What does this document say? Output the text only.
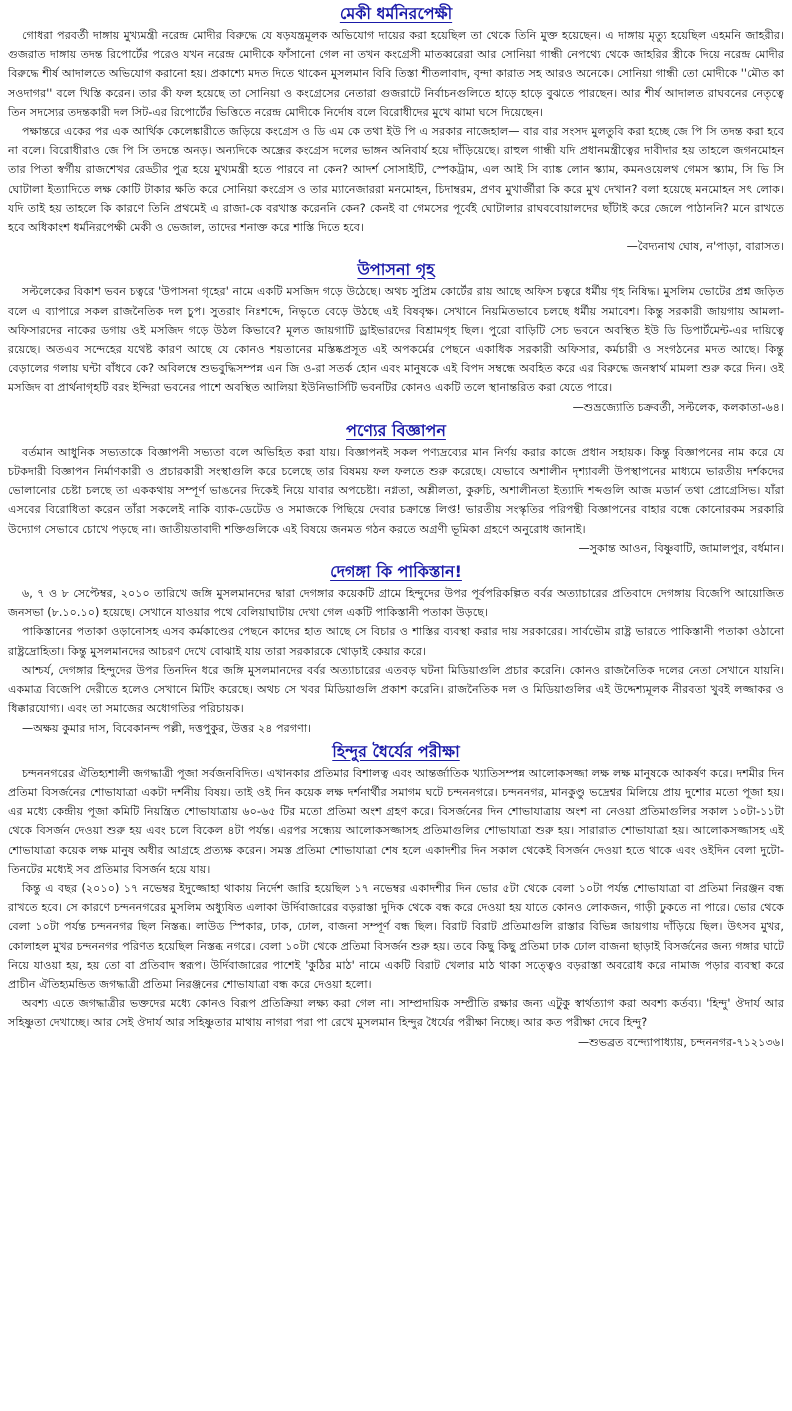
মেকী ধর্মনিরপেক্ষী

গোধরা পরবর্তী দাঙ্গায় মুখ্যমন্ত্রী নরেন্দ্র মোদীর বিরুদ্ধে যে ষড়যন্ত্রমূলক অভিযোগ দায়ের করা হয়েছিল তা থেকে তিনি মুক্ত হয়েছেন। এ দাঙ্গায় মৃত্যু হয়েছিল এহমনি জাহরীর। গুজরাত দাঙ্গায় তদন্ত রিপোর্টের পরেও যখন নরেন্দ্র মোদীকে ফাঁসানো গেল না তখন কংগ্রেসী মাতব্বরেরা আর সোনিয়া গান্ধী নেপথ্যে থেকে জাহরির স্ত্রীকে দিয়ে নরেন্দ্র মোদীর বিরুদ্ধে শীর্ষ আদালতে অভিযোগ করানো হয়। প্রকাশ্যে মদত দিতে থাকেন মুসলমান বিবি তিস্তা শীতলাবাদ, বৃন্দা কারাত সহ আরও অনেকে। সোনিয়া গান্ধী তো মোদীকে ''মৌত কা সওদাগর'' বলে খিস্তি করেন। তার কী ফল হয়েছে তা সোনিয়া ও কংগ্রেসের নেতারা গুজরাটে নির্বাচনগুলিতে হাড়ে হাড়ে বুঝতে পারছেন। আর শীর্ষ আদালত রাঘবনের নেতৃত্বে তিন সদস্যের তদন্তকারী দল সিট-এর রিপোর্টের ভিত্তিতে নরেন্দ্র মোদীকে নির্দোষ বলে বিরোধীদের মুখে ঝামা ঘসে দিয়েছেন।

পক্ষান্তরে একের পর এক আর্থিক কেলেঙ্কারীতে জড়িয়ে কংগ্রেস ও ডি এম কে তথা ইউ পি এ সরকার নাজেহাল— বার বার সংসদ মুলতুবি করা হচ্ছে জে পি সি তদন্ত করা হবে না বলে। বিরোধীরাও জে পি সি তদন্তে অনড়। অন্যদিকে অন্ধ্রের কংগ্রেস দলের ভাঙ্গন অনিবার্য হয়ে দাঁড়িয়েছে। রাহুল গান্ধী যদি প্রধানমন্ত্রীত্বের দাবীদার হয় তাহলে জগনমোহন তার পিতা স্বর্গীয় রাজশেখর রেড্ডীর পুত্র হয়ে মুখ্যমন্ত্রী হতে পারবে না কেন? আদর্শ সোসাইটি, স্পেকট্রাম, এল আই সি ব্যাঙ্ক লোন স্ক্যাম, কমনওয়েলথ গেমস স্ক্যাম, সি ভি সি ঘোটালা ইত্যাদিতে লক্ষ কোটি টাকার ক্ষতি করে সোনিয়া কংগ্রেস ও তার ম্যানেজাররা মনমোহন, চিদাম্বরম, প্রণব মুখার্জীরা কি করে মুখ দেখান? বলা হয়েছে মনমোহন সৎ লোক। যদি তাই হয় তাহলে কি কারণে তিনি প্রথমেই এ রাজা-কে বরখাস্ত করেননি কেন? কেনই বা গেমসের পূর্বেই ঘোটালার রাঘববোয়ালদের ছাঁটাই করে জেলে পাঠাননি? মনে রাখতে হবে অধিকাংশ ধর্মনিরপেক্ষী মেকী ও ভেজাল, তাদের শনাক্ত করে শাস্তি দিতে হবে।

—বৈদ্যনাথ ঘোষ, ন'পাড়া, বারাসত।

উপাসনা গৃহ

সল্টলেকের বিকাশ ভবন চত্বরে 'উপাসনা গৃহের' নামে একটি মসজিদ গড়ে উঠেছে। অথচ সুপ্রিম কোর্টের রায় আছে অফিস চত্বরে ধর্মীয় গৃহ নিষিদ্ধ। মুসলিম ভোটের প্রশ্ন জড়িত বলে এ ব্যাপারে সকল রাজনৈতিক দল চুপ। সুতরাং নিঃশব্দে, নিভৃতে বেড়ে উঠছে এই বিষবৃক্ষ। সেখানে নিয়মিতভাবে চলছে ধর্মীয় সমাবেশ। কিন্তু সরকারী জায়গায় আমলা-অফিসারদের নাকের ডগায় ওই মসজিদ গড়ে উঠল কিভাবে? মূলত জায়গাটি ড্রাইভারদের বিশ্রামগৃহ ছিল। পুরো বাড়িটি সেচ ভবনে অবস্থিত ইউ ডি ডিপার্টমেন্ট-এর দায়িত্বে রয়েছে। অতএব সন্দেহের যথেষ্ট কারণ আছে যে কোনও শয়তানের মস্তিষ্কপ্রসূত এই অপকর্মের পেছনে একাধিক সরকারী অফিসার, কর্মচারী ও সংগঠনের মদত আছে। কিন্তু বেড়ালের গলায় ঘন্টা বাঁধবে কে? অবিলম্বে শুভবুদ্ধিসম্পন্ন এন জি ও-রা সতর্ক হোন এবং মানুষকে এই বিপদ সম্বন্ধে অবহিত করে এর বিরুদ্ধে জনস্বার্থ মামলা শুরু করে দিন। ওই মসজিদ বা প্রার্থনাগৃহটি বরং ইন্দিরা ভবনের পাশে অবস্থিত আলিয়া ইউনিভার্সিটি ভবনটির কোনও একটি তলে স্থানান্তরিত করা যেতে পারে।

—শুভ্রজ্যোতি চক্রবর্তী, সল্টলেক, কলকাতা-৬৪।

পণ্যের বিজ্ঞাপন

বর্তমান আধুনিক সভ্যতাকে বিজ্ঞাপনী সভ্যতা বলে অভিহিত করা যায়। বিজ্ঞাপনই সকল পণ্যদ্রব্যের মান নির্ণয় করার কাজে প্রধান সহায়ক। কিন্তু বিজ্ঞাপনের নাম করে যে চটকদারী বিজ্ঞাপন নির্মাণকারী ও প্রচারকারী সংস্থাগুলি করে চলেছে তার বিষময় ফল ফলতে শুরু করেছে। যেভাবে অশালীন দৃশ্যাবলী উপস্থাপনের মাধ্যমে ভারতীয় দর্শকদের ভোলানোর চেষ্টা চলছে তা এককথায় সম্পূর্ণ ভাঙনের দিকেই নিয়ে যাবার অপচেষ্টা। নগ্নতা, অশ্লীলতা, কুরুচি, অশালীনতা ইত্যাদি শব্দগুলি আজ মডার্ন তথা প্রোগ্রেসিভ। যাঁরা এসবের বিরোধিতা করেন তাঁরা সকলেই নাকি ব্যাক-ডেটেড ও সমাজকে পিছিয়ে দেবার চক্রান্তে লিপ্ত! ভারতীয় সংস্কৃতির পরিপন্থী বিজ্ঞাপনের বাহার বন্ধে কোনোরকম সরকারি উদ্যোগ সেভাবে চোখে পড়ছে না। জাতীয়তাবাদী শক্তিগুলিকে এই বিষয়ে জনমত গঠন করতে অগ্রণী ভূমিকা গ্রহণে অনুরোধ জানাই।

—সুকান্ত আওন, বিষ্ণুবাটি, জামালপুর, বর্ধমান।

দেগঙ্গা কি পাকিস্তান!

৬, ৭ ও ৮ সেপ্টেম্বর, ২০১০ তারিখে জঙ্গি মুসলমানদের দ্বারা দেগঙ্গার কয়েকটি গ্রামে হিন্দুদের উপর পূর্বপরিকল্পিত বর্বর অত্যাচারের প্রতিবাদে দেগঙ্গায় বিজেপি আয়োজিত জনসভা (৮.১০.১০) হয়েছে। সেখানে যাওয়ার পথে বেলিয়াঘাটায় দেখা গেল একটি পাকিস্তানী পতাকা উড়ছে।

পাকিস্তানের পতাকা ওড়ানোসহ এসব কর্মকাণ্ডের পেছনে কাদের হাত আছে সে বিচার ও শাস্তির ব্যবস্থা করার দায় সরকারের। সার্বভৌম রাষ্ট্র ভারতে পাকিস্তানী পতাকা ওঠানো রাষ্ট্রদ্রোহিতা। কিন্তু মুসলমানদের আচরণ দেখে বোঝাই যায় তারা সরকারকে থোড়াই কেয়ার করে।

আশ্চর্য, দেগঙ্গার হিন্দুদের উপর তিনদিন ধরে জঙ্গি মুসলমানদের বর্বর অত্যাচারের এতবড় ঘটনা মিডিয়াগুলি প্রচার করেনি। কোনও রাজনৈতিক দলের নেতা সেখানে যায়নি। একমাত্র বিজেপি দেরীতে হলেও সেখানে মিটিং করেছে। অথচ সে খবর মিডিয়াগুলি প্রকাশ করেনি। রাজনৈতিক দল ও মিডিয়াগুলির এই উদ্দেশ্যমূলক নীরবতা খুবই লজ্জাকর ও ধিক্কারযোগ্য। এবং তা সমাজের অধোগতির পরিচায়ক।

—অক্ষয় কুমার দাস, বিবেকানন্দ পল্লী, দত্তপুকুর, উত্তর ২৪ পরগণা।

হিন্দুর ধৈর্যের পরীক্ষা

চন্দননগরের ঐতিহ্যশালী জগদ্ধাত্রী পূজা সর্বজনবিদিত। এখানকার প্রতিমার বিশালত্ব এবং আন্তর্জাতিক খ্যাতিসম্পন্ন আলোকসজ্জা লক্ষ লক্ষ মানুষকে আকর্ষণ করে। দশমীর দিন প্রতিমা বিসর্জনের শোভাযাত্রা একটা দর্শনীয় বিষয়। তাই ওই দিন কয়েক লক্ষ দর্শনার্থীর সমাগম ঘটে চন্দননগরে। চন্দননগর, মানকুণ্ডু ভদ্রেশ্বর মিলিয়ে প্রায় দুশোর মতো পূজা হয়। এর মধ্যে কেন্দ্রীয় পূজা কমিটি নিয়ন্ত্রিত শোভাযাত্রায় ৬০-৬৫ টির মতো প্রতিমা অংশ গ্রহণ করে। বিসর্জনের দিন শোভাযাত্রায় অংশ না নেওয়া প্রতিমাগুলির সকাল ১০টা-১১টা থেকে বিসর্জন দেওয়া শুরু হয় এবং চলে বিকেল ৪টা পর্যন্ত। এরপর সন্ধ্যেয় আলোকসজ্জাসহ প্রতিমাগুলির শোভাযাত্রা শুরু হয়। সারারাত শোভাযাত্রা হয়। আলোকসজ্জাসহ এই শোভাযাত্রা কয়েক লক্ষ মানুষ অধীর আগ্রহে প্রত্যক্ষ করেন। সমস্ত প্রতিমা শোভাযাত্রা শেষ হলে একাদশীর দিন সকাল থেকেই বিসর্জন দেওয়া হতে থাকে এবং ওইদিন বেলা দুটো-তিনটের মধ্যেই সব প্রতিমার বিসর্জন হয়ে যায়।

কিন্তু এ বছর (২০১০) ১৭ নভেম্বর ইদুজ্জোহা থাকায় নির্দেশ জারি হয়েছিল ১৭ নভেম্বর একাদশীর দিন ভোর ৫টা থেকে বেলা ১০টা পর্যন্ত শোভাযাত্রা বা প্রতিমা নিরঞ্জন বন্ধ রাখতে হবে। সে কারণে চন্দননগরের মুসলিম অধ্যুষিত এলাকা উর্দিবাজারের বড়রাস্তা দুদিক থেকে বন্ধ করে দেওয়া হয় যাতে কোনও লোকজন, গাড়ী ঢুকতে না পারে। ভোর থেকে বেলা ১০টা পর্যন্ত চন্দননগর ছিল নিস্তব্ধ। লাউড স্পিকার, ঢাক, ঢোল, বাজনা সম্পূর্ণ বন্ধ ছিল। বিরাট বিরাট প্রতিমাগুলি রাস্তার বিভিন্ন জায়গায় দাঁড়িয়ে ছিল। উৎসব মুখর, কোলাহল মুখর চন্দননগর পরিণত হয়েছিল নিস্তব্ধ নগরে। বেলা ১০টা থেকে প্রতিমা বিসর্জন শুরু হয়। তবে কিছু কিছু প্রতিমা ঢাক ঢোল বাজনা ছাড়াই বিসর্জনের জন্য গঙ্গার ঘাটে নিয়ে যাওয়া হয়, হয় তো বা প্রতিবাদ স্বরূপ। উর্দিবাজারের পাশেই 'কুঠির মাঠ' নামে একটি বিরাট খেলার মাঠ থাকা সত্ত্বেও বড়রাস্তা অবরোধ করে নামাজ পড়ার ব্যবস্থা করে প্রাচীন ঐতিহ্যমন্ডিত জগদ্ধাত্রী প্রতিমা নিরঞ্জনের শোভাযাত্রা বন্ধ করে দেওয়া হলো।

অবশ্য এতে জগদ্ধাত্রীর ভক্তদের মধ্যে কোনও বিরূপ প্রতিক্রিয়া লক্ষ্য করা গেল না। সাম্প্রদায়িক সম্প্রীতি রক্ষার জন্য এটুকু স্বার্থত্যাগ করা অবশ্য কর্তব্য। 'হিন্দু' ঔদার্য আর সহিষ্ণুতা দেখাচ্ছে। আর সেই ঔদার্য আর সহিষ্ণুতার মাথায় নাগরা পরা পা রেখে মুসলমান হিন্দুর ধৈর্যের পরীক্ষা নিচ্ছে। আর কত পরীক্ষা দেবে হিন্দু?

—শুভব্রত বন্দ্যোপাধ্যায়, চন্দননগর-৭১২১৩৬।
